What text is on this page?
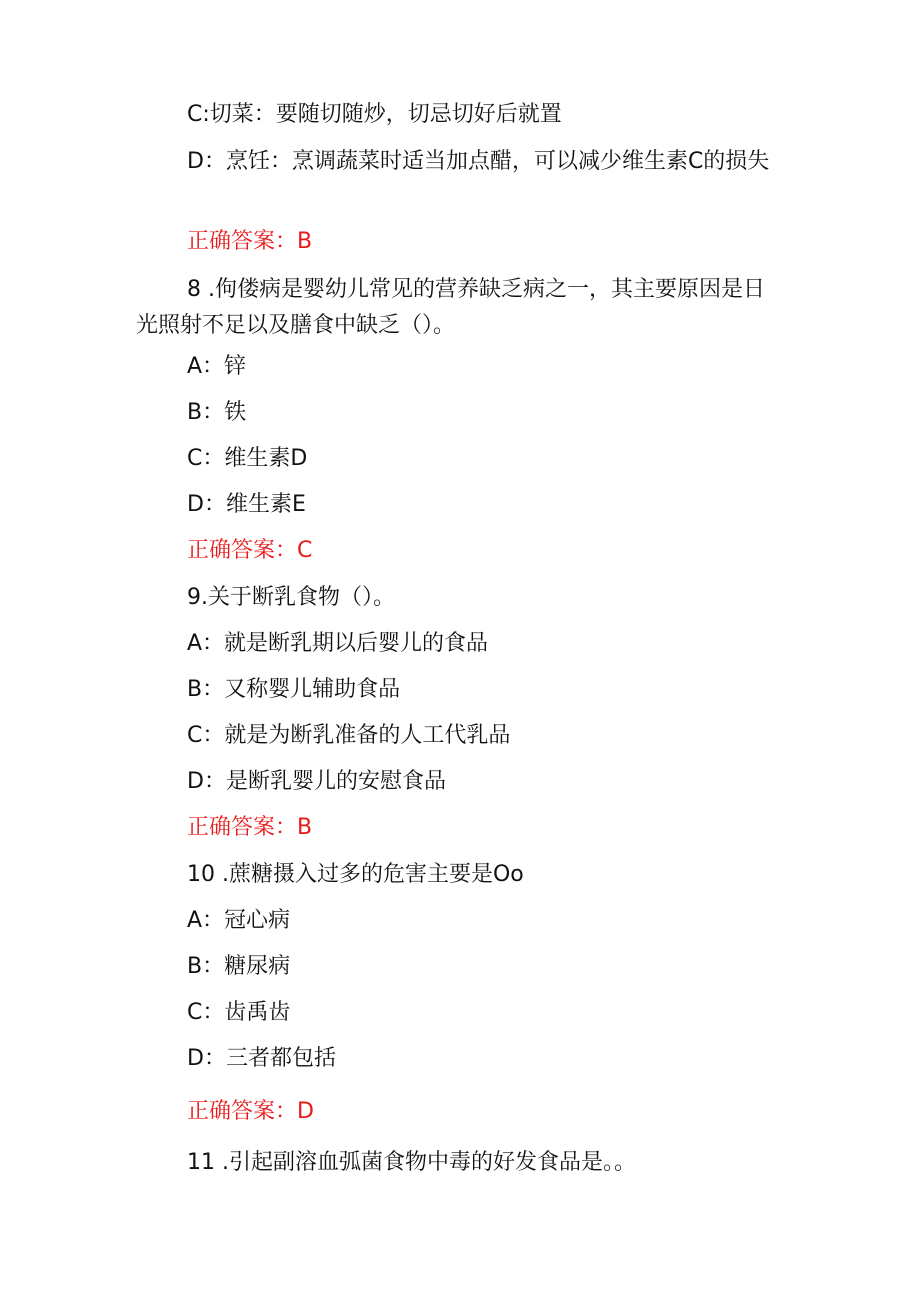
C:切菜：要随切随炒，切忌切好后就置
D：烹饪：烹调蔬菜时适当加点醋，可以减少维生素C的损失
正确答案：B
8 .佝偻病是婴幼儿常见的营养缺乏病之一，其主要原因是日光照射不足以及膳食中缺乏（）。
A：锌
B：铁
C：维生素D
D：维生素E
正确答案：C
9.关于断乳食物（）。
A：就是断乳期以后婴儿的食品
B：又称婴儿辅助食品
C：就是为断乳准备的人工代乳品
D：是断乳婴儿的安慰食品
正确答案：B
10 .蔗糖摄入过多的危害主要是Oo
A：冠心病
B：糖尿病
C：齿禹齿
D：三者都包括
正确答案：D
11 .引起副溶血弧菌食物中毒的好发食品是。。
